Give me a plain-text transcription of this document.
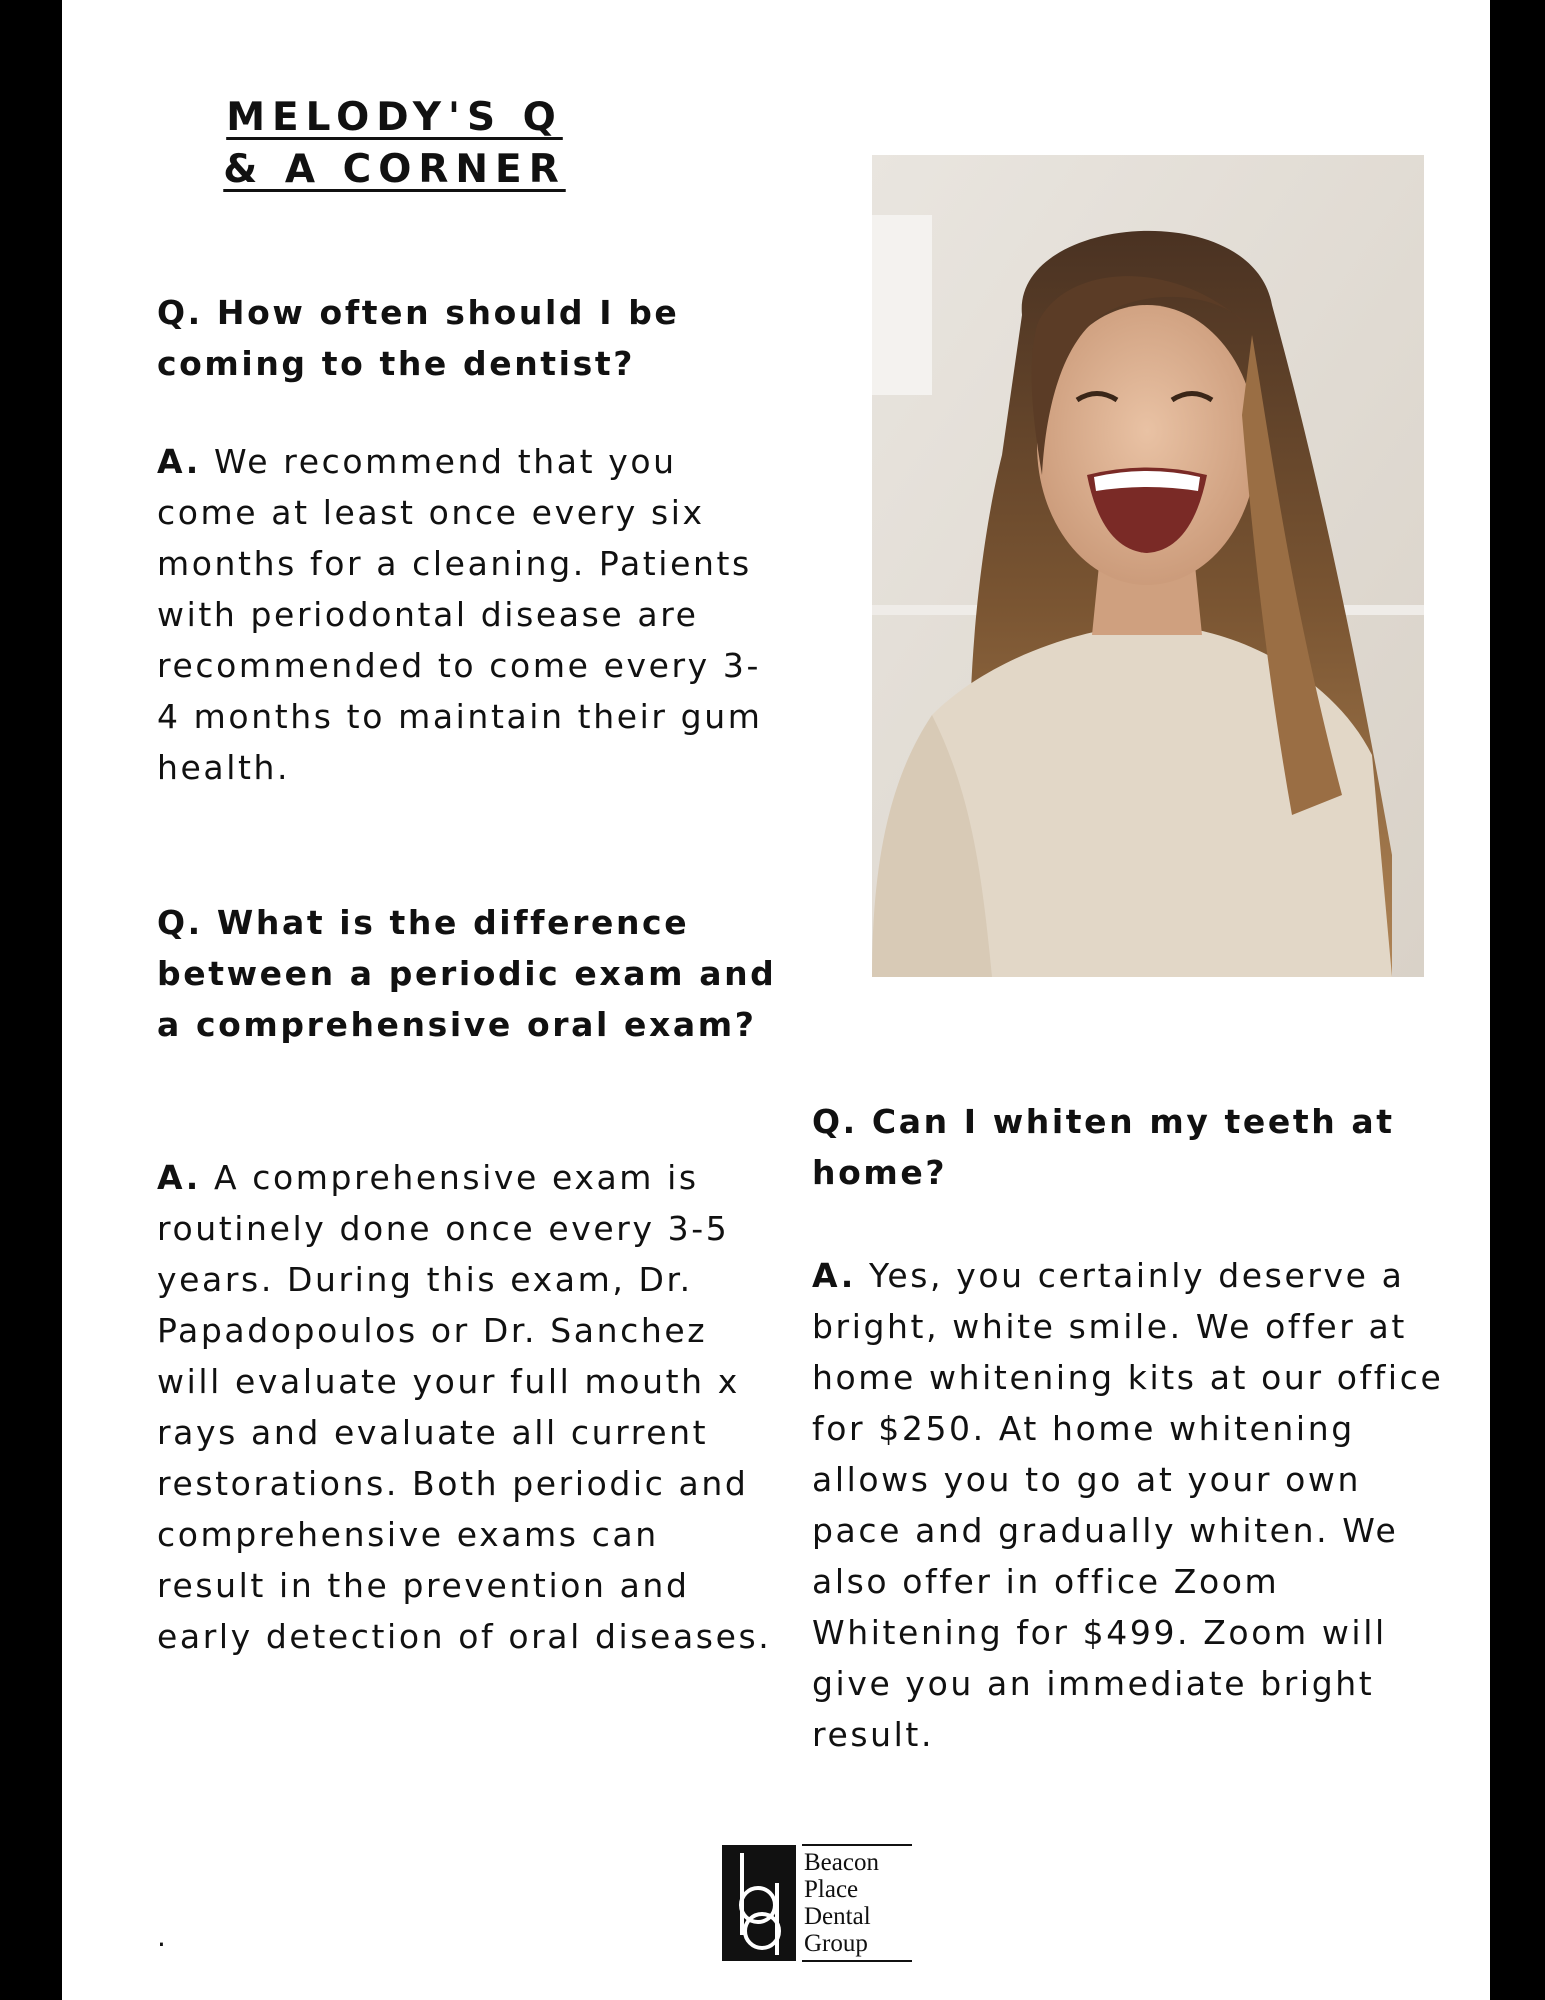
MELODY'S Q & A CORNER
Q. How often should I be coming to the dentist?
A. We recommend that you come at least once every six months for a cleaning. Patients with periodontal disease are recommended to come every 3-4 months to maintain their gum health.
Q. What is the difference between a periodic exam and a comprehensive oral exam?
A. A comprehensive exam is routinely done once every 3-5 years. During this exam, Dr. Papadopoulos or Dr. Sanchez will evaluate your full mouth x rays and evaluate all current restorations. Both periodic and comprehensive exams can result in the prevention and early detection of oral diseases.
Q. Can I whiten my teeth at home?
A. Yes, you certainly deserve a bright, white smile. We offer at home whitening kits at our office for $250. At home whitening allows you to go at your own pace and gradually whiten. We also offer in office Zoom Whitening for $499. Zoom will give you an immediate bright result.
.
Beacon
Place
Dental
Group
